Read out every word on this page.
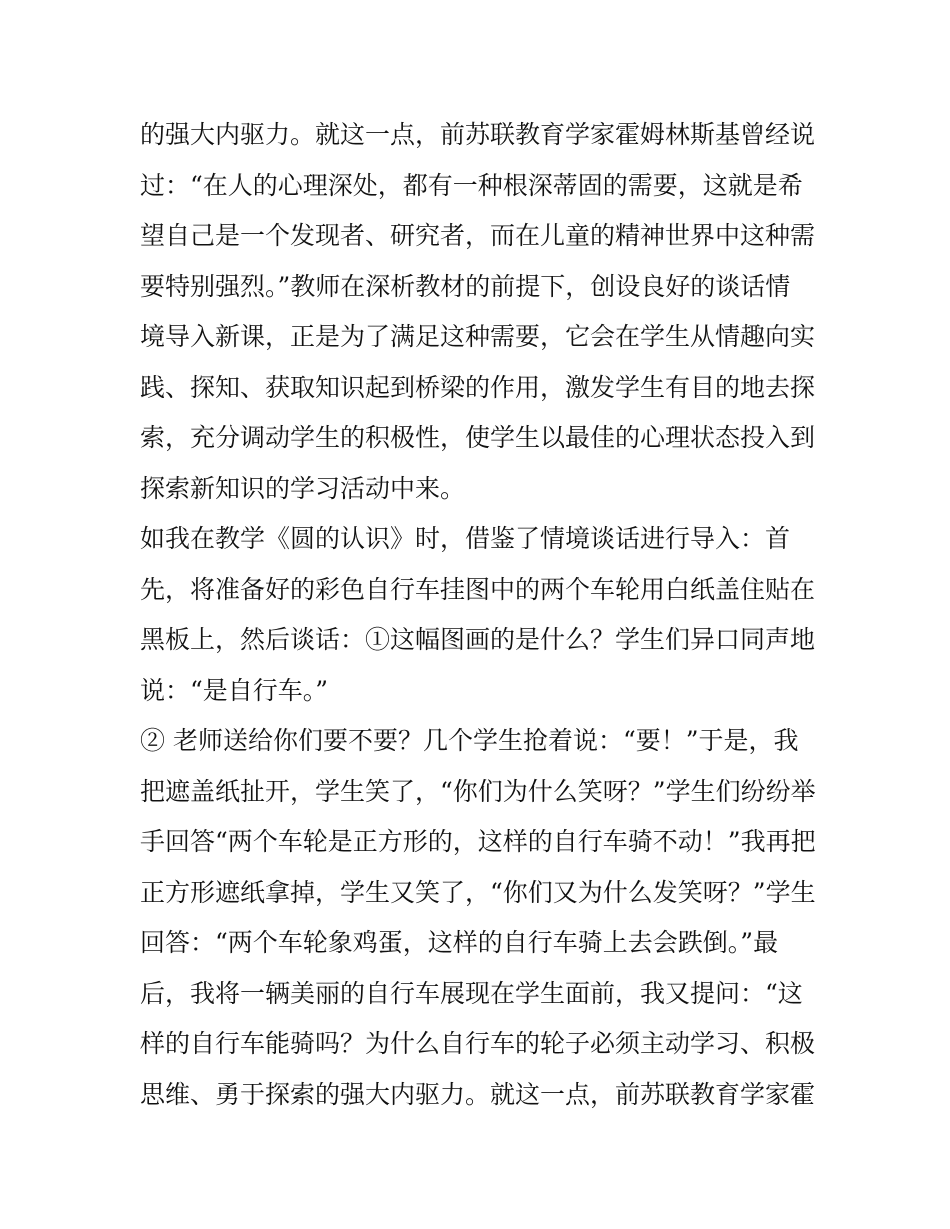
的强大内驱力。就这一点，前苏联教育学家霍姆林斯基曾经说
过：“在人的心理深处，都有一种根深蒂固的需要，这就是希
望自己是一个发现者、研究者，而在儿童的精神世界中这种需
要特别强烈。”教师在深析教材的前提下，创设良好的谈话情
境导入新课，正是为了满足这种需要，它会在学生从情趣向实
践、探知、获取知识起到桥梁的作用，激发学生有目的地去探
索，充分调动学生的积极性，使学生以最佳的心理状态投入到
探索新知识的学习活动中来。
如我在教学《圆的认识》时，借鉴了情境谈话进行导入：首
先，将准备好的彩色自行车挂图中的两个车轮用白纸盖住贴在
黑板上，然后谈话：①这幅图画的是什么？学生们异口同声地
说：“是自行车。”
② 老师送给你们要不要？几个学生抢着说：“要！”于是，我
把遮盖纸扯开，学生笑了，“你们为什么笑呀？”学生们纷纷举
手回答“两个车轮是正方形的，这样的自行车骑不动！”我再把
正方形遮纸拿掉，学生又笑了，“你们又为什么发笑呀？”学生
回答：“两个车轮象鸡蛋，这样的自行车骑上去会跌倒。”最
后，我将一辆美丽的自行车展现在学生面前，我又提问：“这
样的自行车能骑吗？为什么自行车的轮子必须主动学习、积极
思维、勇于探索的强大内驱力。就这一点，前苏联教育学家霍
